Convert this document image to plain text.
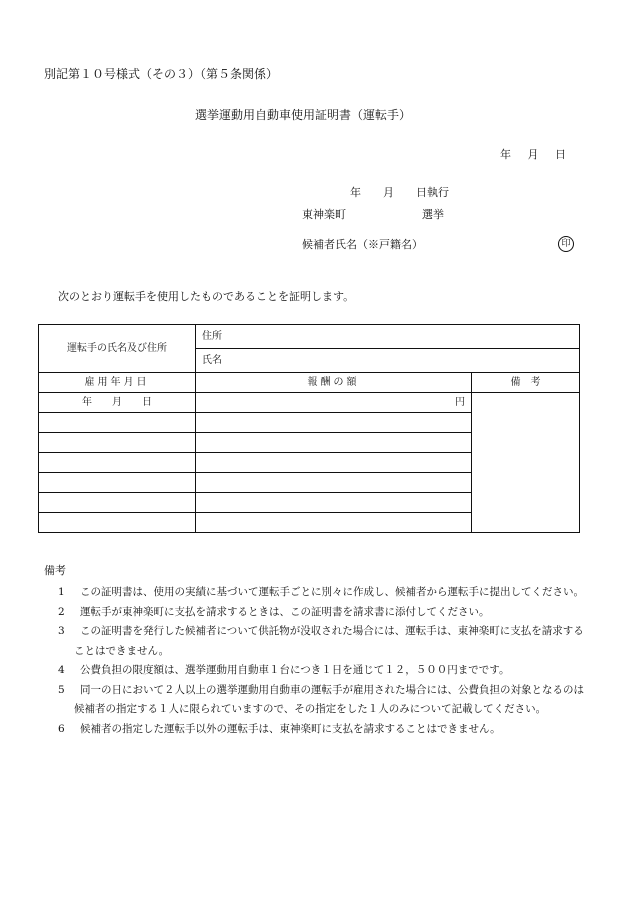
別記第１０号様式（その３）（第５条関係）
選挙運動用自動車使用証明書（運転手）
年　 月 　日
年　　月　　日執行
東神楽町	選挙
候補者氏名（※戸籍名）	印
次のとおり運転手を使用したものであることを証明します。
運転手の氏名及び住所	住所	
	氏名	
雇用年月日	報酬の額	備　考
年　　月　　日	円	

備考
1	この証明書は、使用の実績に基づいて運転手ごとに別々に作成し、候補者から運転手に提出してください。
2	運転手が東神楽町に支払を請求するときは、この証明書を請求書に添付してください。
3	この証明書を発行した候補者について供託物が没収された場合には、運転手は、東神楽町に支払を請求することはできません。
4	公費負担の限度額は、選挙運動用自動車１台につき１日を通じて１２，５００円までです。
5	同一の日において２人以上の選挙運動用自動車の運転手が雇用された場合には、公費負担の対象となるのは候補者の指定する１人に限られていますので、その指定をした１人のみについて記載してください。
6	候補者の指定した運転手以外の運転手は、東神楽町に支払を請求することはできません。
